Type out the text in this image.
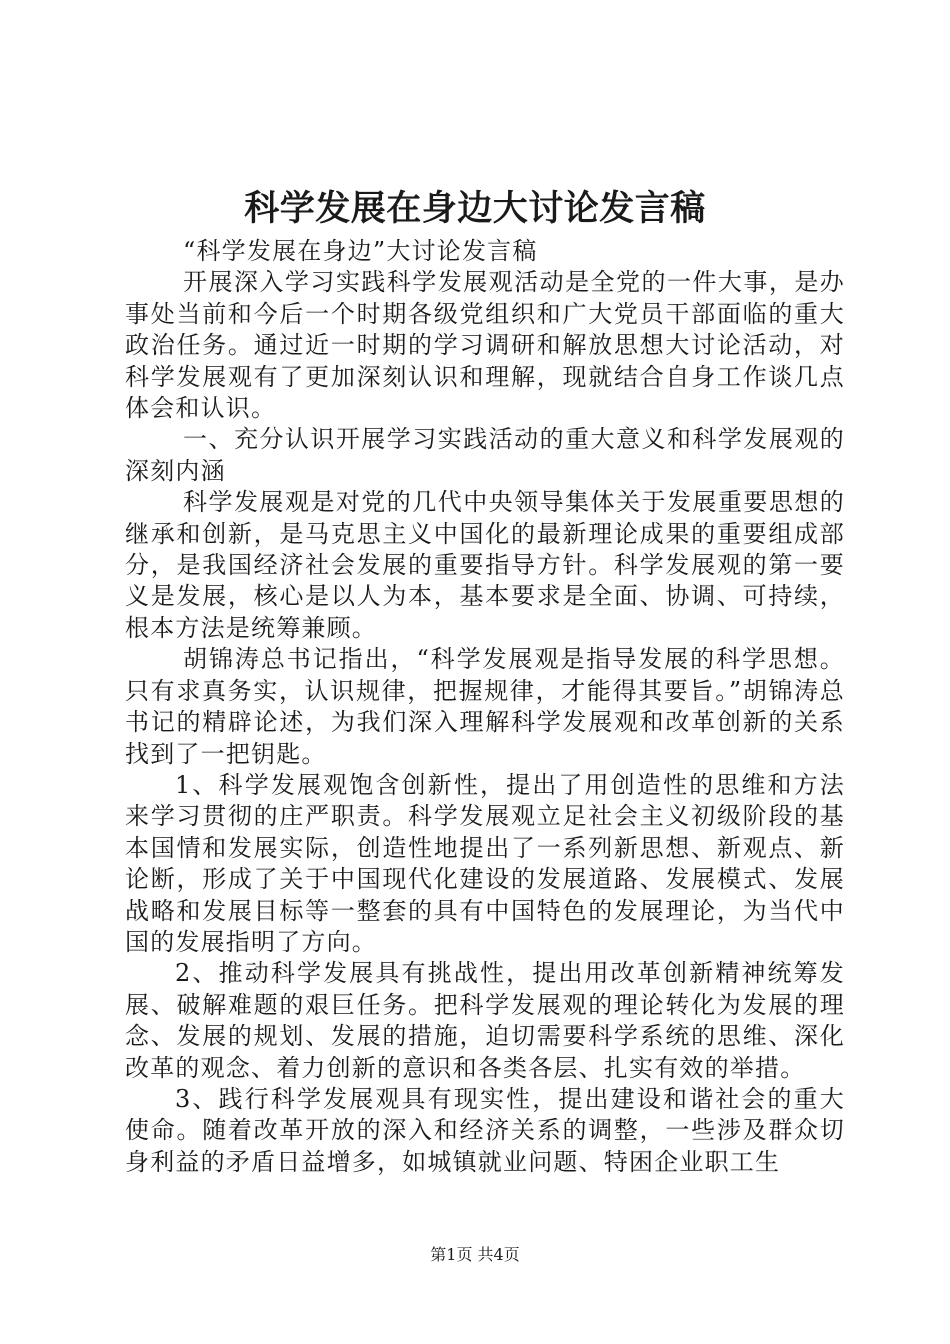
科学发展在身边大讨论发言稿

“科学发展在身边”大讨论发言稿

开展深入学习实践科学发展观活动是全党的一件大事，是办事处当前和今后一个时期各级党组织和广大党员干部面临的重大政治任务。通过近一时期的学习调研和解放思想大讨论活动，对科学发展观有了更加深刻认识和理解，现就结合自身工作谈几点体会和认识。

一、充分认识开展学习实践活动的重大意义和科学发展观的深刻内涵

科学发展观是对党的几代中央领导集体关于发展重要思想的继承和创新，是马克思主义中国化的最新理论成果的重要组成部分，是我国经济社会发展的重要指导方针。科学发展观的第一要义是发展，核心是以人为本，基本要求是全面、协调、可持续，根本方法是统筹兼顾。

胡锦涛总书记指出，“科学发展观是指导发展的科学思想。只有求真务实，认识规律，把握规律，才能得其要旨。”胡锦涛总书记的精辟论述，为我们深入理解科学发展观和改革创新的关系找到了一把钥匙。

1、科学发展观饱含创新性，提出了用创造性的思维和方法来学习贯彻的庄严职责。科学发展观立足社会主义初级阶段的基本国情和发展实际，创造性地提出了一系列新思想、新观点、新论断，形成了关于中国现代化建设的发展道路、发展模式、发展战略和发展目标等一整套的具有中国特色的发展理论，为当代中国的发展指明了方向。

2、推动科学发展具有挑战性，提出用改革创新精神统筹发展、破解难题的艰巨任务。把科学发展观的理论转化为发展的理念、发展的规划、发展的措施，迫切需要科学系统的思维、深化改革的观念、着力创新的意识和各类各层、扎实有效的举措。

3、践行科学发展观具有现实性，提出建设和谐社会的重大使命。随着改革开放的深入和经济关系的调整，一些涉及群众切身利益的矛盾日益增多，如城镇就业问题、特困企业职工生

第1页 共4页
